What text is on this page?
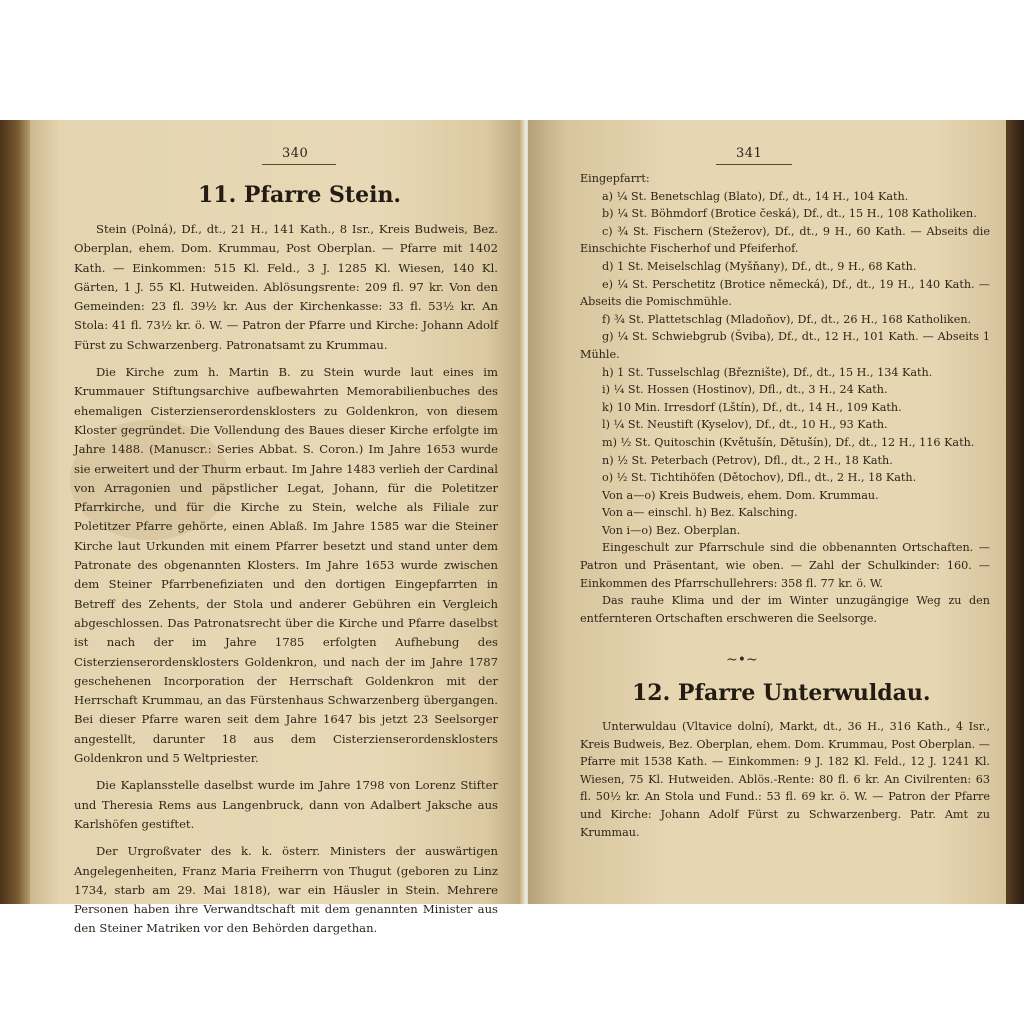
340
11. Pfarre Stein.

Stein (Polná), Df., dt., 21 H., 141 Kath., 8 Isr., Kreis Budweis, Bez. Oberplan, ehem. Dom. Krummau, Post Oberplan. — Pfarre mit 1402 Kath. — Einkommen: 515 Kl. Feld., 3 J. 1285 Kl. Wiesen, 140 Kl. Gärten, 1 J. 55 Kl. Hutweiden. Ablösungsrente: 209 fl. 97 kr. Von den Gemeinden: 23 fl. 39½ kr. Aus der Kirchenkasse: 33 fl. 53½ kr. An Stola: 41 fl. 73½ kr. ö. W. — Patron der Pfarre und Kirche: Johann Adolf Fürst zu Schwarzenberg. Patronatsamt zu Krummau.

Die Kirche zum h. Martin B. zu Stein wurde laut eines im Krummauer Stiftungsarchive aufbewahrten Memorabilienbuches des ehemaligen Cisterzienserordensklosters zu Goldenkron, von diesem Kloster gegründet. Die Vollendung des Baues dieser Kirche erfolgte im Jahre 1488. (Manuscr.: Series Abbat. S. Coron.) Im Jahre 1653 wurde sie erweitert und der Thurm erbaut. Im Jahre 1483 verlieh der Cardinal von Arragonien und päpstlicher Legat, Johann, für die Poletitzer Pfarrkirche, und für die Kirche zu Stein, welche als Filiale zur Poletitzer Pfarre gehörte, einen Ablaß. Im Jahre 1585 war die Steiner Kirche laut Urkunden mit einem Pfarrer besetzt und stand unter dem Patronate des obgenannten Klosters. Im Jahre 1653 wurde zwischen dem Steiner Pfarrbenefiziaten und den dortigen Eingepfarrten in Betreff des Zehents, der Stola und anderer Gebühren ein Vergleich abgeschlossen. Das Patronatsrecht über die Kirche und Pfarre daselbst ist nach der im Jahre 1785 erfolgten Aufhebung des Cisterzienserordensklosters Goldenkron, und nach der im Jahre 1787 geschehenen Incorporation der Herrschaft Goldenkron mit der Herrschaft Krummau, an das Fürstenhaus Schwarzenberg übergangen. Bei dieser Pfarre waren seit dem Jahre 1647 bis jetzt 23 Seelsorger angestellt, darunter 18 aus dem Cisterzienserordensklosters Goldenkron und 5 Weltpriester.

Die Kaplansstelle daselbst wurde im Jahre 1798 von Lorenz Stifter und Theresia Rems aus Langenbruck, dann von Adalbert Jaksche aus Karlshöfen gestiftet.

Der Urgroßvater des k. k. österr. Ministers der auswärtigen Angelegenheiten, Franz Maria Freiherrn von Thugut (geboren zu Linz 1734, starb am 29. Mai 1818), war ein Häusler in Stein. Mehrere Personen haben ihre Verwandtschaft mit dem genannten Minister aus den Steiner Matriken vor den Behörden dargethan.

341

Eingepfarrt:

a) ¼ St. Benetschlag (Blato), Df., dt., 14 H., 104 Kath.

b) ¼ St. Böhmdorf (Brotice česká), Df., dt., 15 H., 108 Katholiken.

c) ¾ St. Fischern (Stežerov), Df., dt., 9 H., 60 Kath. — Abseits die Einschichte Fischerhof und Pfeiferhof.

d) 1 St. Meiselschlag (Myšňany), Df., dt., 9 H., 68 Kath.

e) ¼ St. Perschetitz (Brotice německá), Df., dt., 19 H., 140 Kath. — Abseits die Pomischmühle.

f) ¾ St. Plattetschlag (Mladoňov), Df., dt., 26 H., 168 Katholiken.

g) ¼ St. Schwiebgrub (Šviba), Df., dt., 12 H., 101 Kath. — Abseits 1 Mühle.

h) 1 St. Tusselschlag (Březnište), Df., dt., 15 H., 134 Kath.

i) ¼ St. Hossen (Hostinov), Dfl., dt., 3 H., 24 Kath.

k) 10 Min. Irresdorf (Lštín), Df., dt., 14 H., 109 Kath.

l) ¼ St. Neustift (Kyselov), Df., dt., 10 H., 93 Kath.

m) ½ St. Quitoschin (Květušín, Dětušín), Df., dt., 12 H., 116 Kath.

n) ½ St. Peterbach (Petrov), Dfl., dt., 2 H., 18 Kath.

o) ½ St. Tichtihöfen (Dětochov), Dfl., dt., 2 H., 18 Kath.

Von a—o) Kreis Budweis, ehem. Dom. Krummau.

Von a— einschl. h) Bez. Kalsching.

Von i—o) Bez. Oberplan.

Eingeschult zur Pfarrschule sind die obbenannten Ortschaften. — Patron und Präsentant, wie oben. — Zahl der Schulkinder: 160. — Einkommen des Pfarrschullehrers: 358 fl. 77 kr. ö. W.

Das rauhe Klima und der im Winter unzugängige Weg zu den entfernteren Ortschaften erschweren die Seelsorge.

~•~
12. Pfarre Unterwuldau.

Unterwuldau (Vltavice dolní), Markt, dt., 36 H., 316 Kath., 4 Isr., Kreis Budweis, Bez. Oberplan, ehem. Dom. Krummau, Post Oberplan. — Pfarre mit 1538 Kath. — Einkommen: 9 J. 182 Kl. Feld., 12 J. 1241 Kl. Wiesen, 75 Kl. Hutweiden. Ablös.-Rente: 80 fl. 6 kr. An Civilrenten: 63 fl. 50½ kr. An Stola und Fund.: 53 fl. 69 kr. ö. W. — Patron der Pfarre und Kirche: Johann Adolf Fürst zu Schwarzenberg. Patr. Amt zu Krummau.
